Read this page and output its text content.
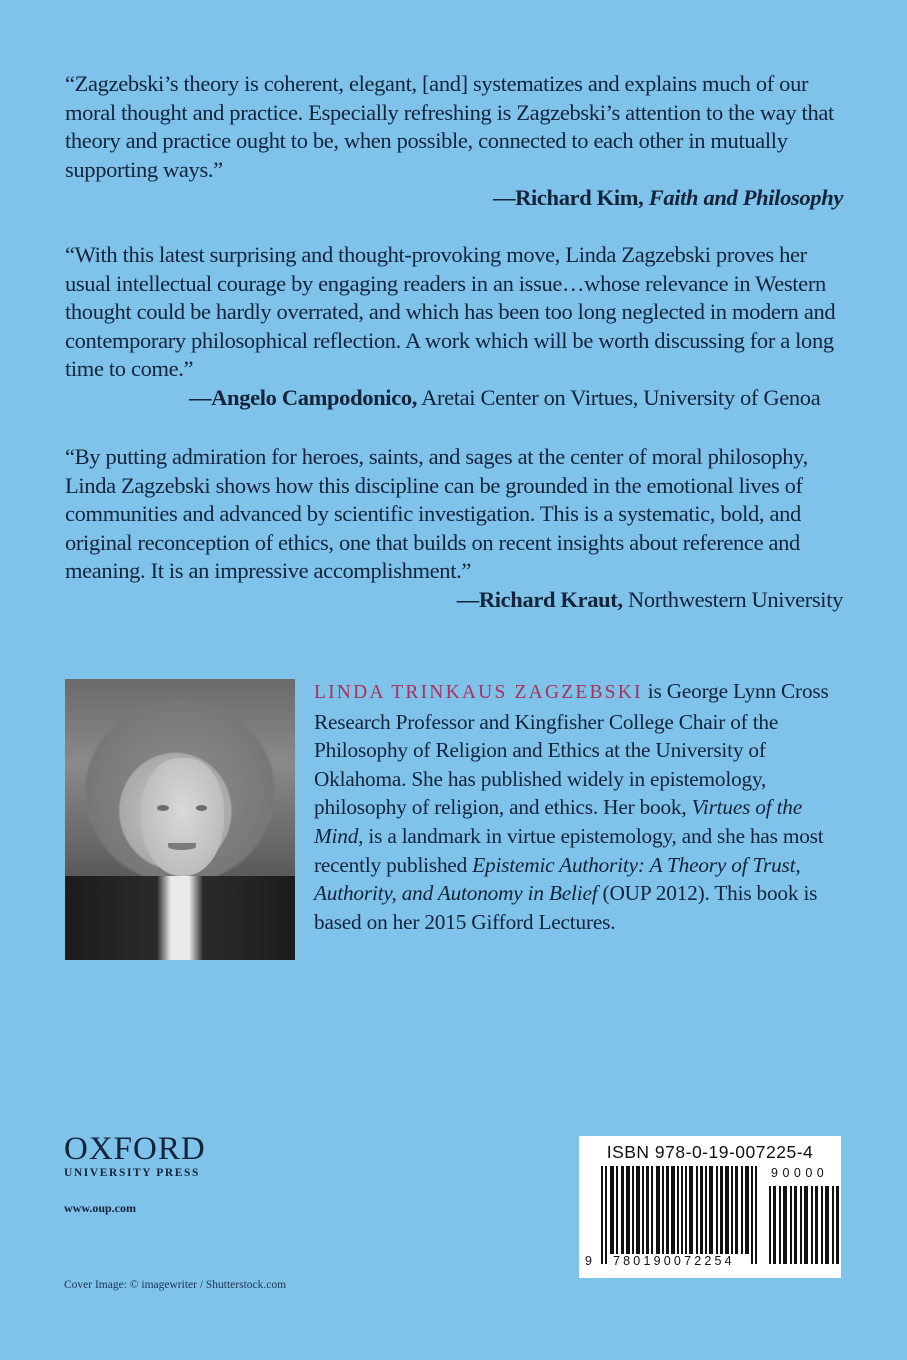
“Zagzebski’s theory is coherent, elegant, [and] systematizes and explains much of our moral thought and practice. Especially refreshing is Zagzebski’s attention to the way that theory and practice ought to be, when possible, connected to each other in mutually supporting ways.”

—Richard Kim, Faith and Philosophy

“With this latest surprising and thought-provoking move, Linda Zagzebski proves her usual intellectual courage by engaging readers in an issue…whose relevance in Western thought could be hardly overrated, and which has been too long neglected in modern and contemporary philosophical reflection. A work which will be worth discussing for a long time to come.”

—Angelo Campodonico, Aretai Center on Virtues, University of Genoa

“By putting admiration for heroes, saints, and sages at the center of moral philosophy, Linda Zagzebski shows how this discipline can be grounded in the emotional lives of communities and advanced by scientific investigation. This is a systematic, bold, and original reconception of ethics, one that builds on recent insights about reference and meaning. It is an impressive accomplishment.”

—Richard Kraut, Northwestern University

LINDA TRINKAUS ZAGZEBSKI is George Lynn Cross Research Professor and Kingfisher College Chair of the Philosophy of Religion and Ethics at the University of Oklahoma. She has published widely in epistemology, philosophy of religion, and ethics. Her book, Virtues of the Mind, is a landmark in virtue epistemology, and she has most recently published Epistemic Authority: A Theory of Trust, Authority, and Autonomy in Belief (OUP 2012). This book is based on her 2015 Gifford Lectures.
OXFORD
UNIVERSITY PRESS
www.oup.com
Cover Image: © imagewriter / Shutterstock.com
ISBN 978-0-19-007225-4
9 780190072254
90000
